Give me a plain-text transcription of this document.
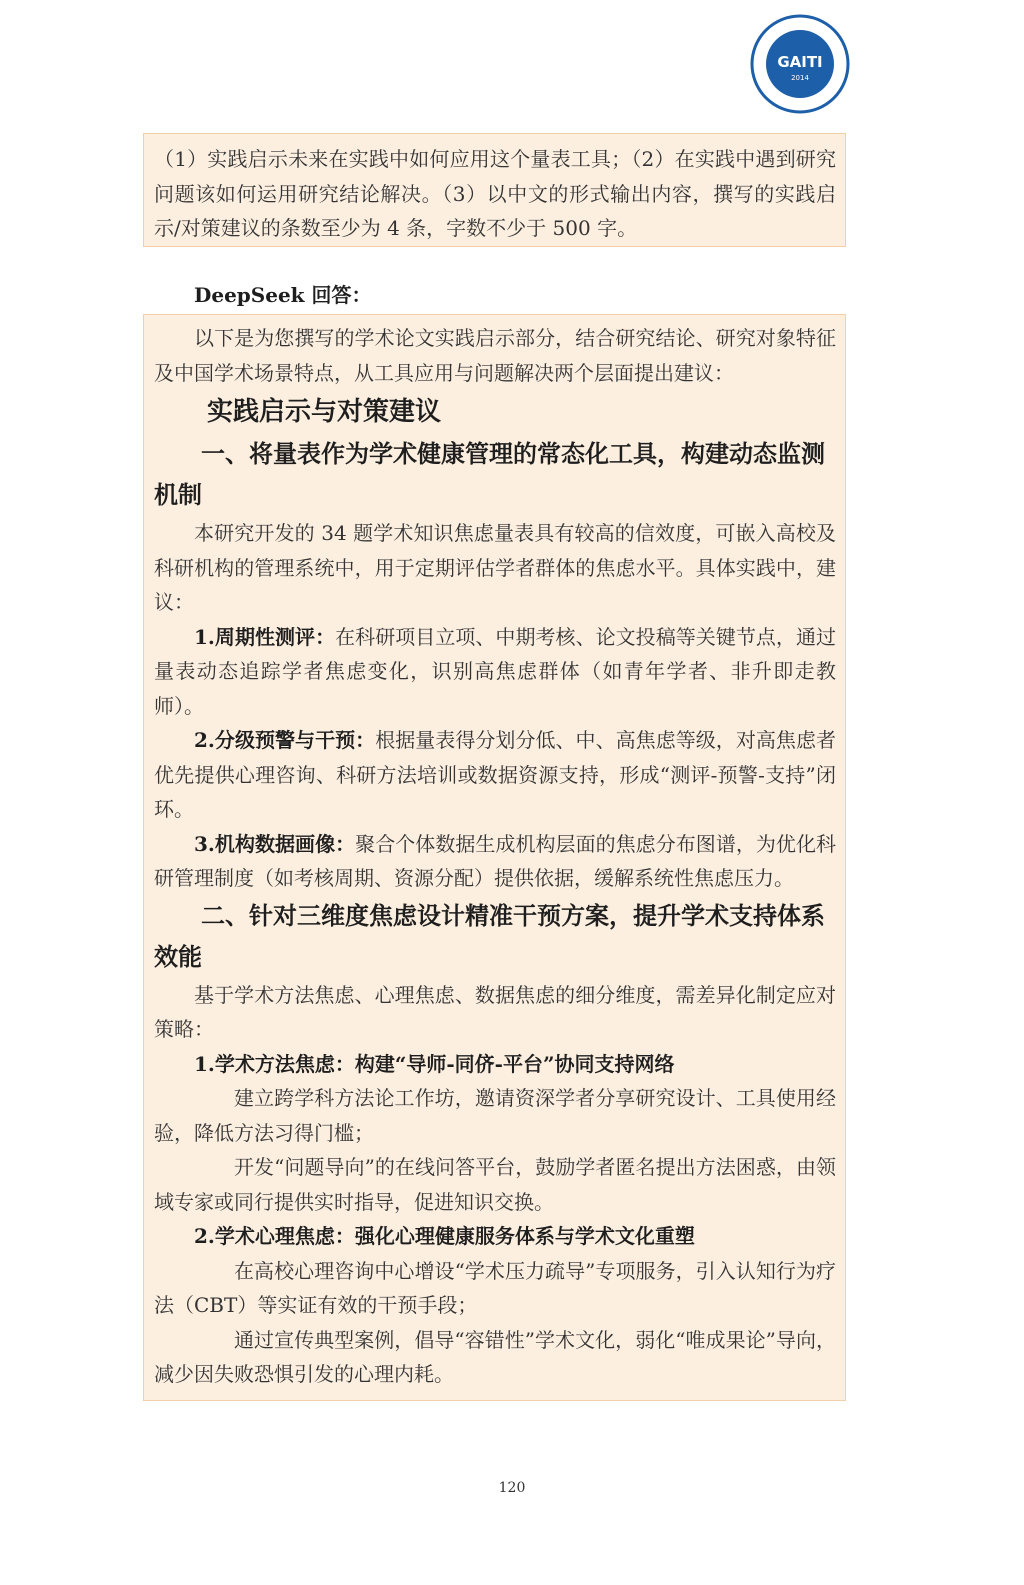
GAITI
2014

（1）实践启示未来在实践中如何应用这个量表工具；（2）在实践中遇到研究问题该如何运用研究结论解决。（3）以中文的形式输出内容，撰写的实践启示/对策建议的条数至少为 4 条，字数不少于 500 字。

DeepSeek 回答：

以下是为您撰写的学术论文实践启示部分，结合研究结论、研究对象特征及中国学术场景特点，从工具应用与问题解决两个层面提出建议：

实践启示与对策建议

一、将量表作为学术健康管理的常态化工具，构建动态监测机制

本研究开发的 34 题学术知识焦虑量表具有较高的信效度，可嵌入高校及科研机构的管理系统中，用于定期评估学者群体的焦虑水平。具体实践中，建议：

1.周期性测评：在科研项目立项、中期考核、论文投稿等关键节点，通过量表动态追踪学者焦虑变化，识别高焦虑群体（如青年学者、非升即走教师）。

2.分级预警与干预：根据量表得分划分低、中、高焦虑等级，对高焦虑者优先提供心理咨询、科研方法培训或数据资源支持，形成“测评-预警-支持”闭环。

3.机构数据画像：聚合个体数据生成机构层面的焦虑分布图谱，为优化科研管理制度（如考核周期、资源分配）提供依据，缓解系统性焦虑压力。

二、针对三维度焦虑设计精准干预方案，提升学术支持体系效能

基于学术方法焦虑、心理焦虑、数据焦虑的细分维度，需差异化制定应对策略：

1.学术方法焦虑：构建“导师-同侪-平台”协同支持网络

建立跨学科方法论工作坊，邀请资深学者分享研究设计、工具使用经验，降低方法习得门槛；

开发“问题导向”的在线问答平台，鼓励学者匿名提出方法困惑，由领域专家或同行提供实时指导，促进知识交换。

2.学术心理焦虑：强化心理健康服务体系与学术文化重塑

在高校心理咨询中心增设“学术压力疏导”专项服务，引入认知行为疗法（CBT）等实证有效的干预手段；

通过宣传典型案例，倡导“容错性”学术文化，弱化“唯成果论”导向，减少因失败恐惧引发的心理内耗。

120
